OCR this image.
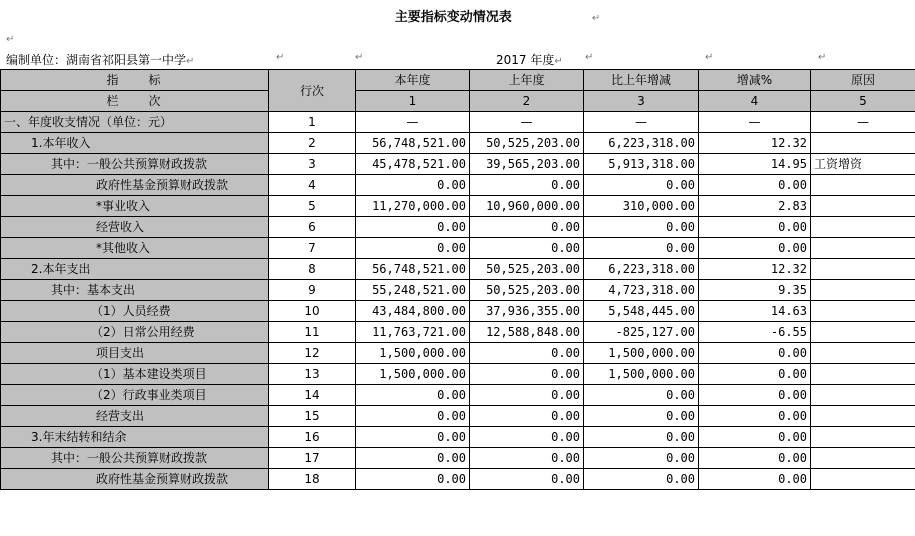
主要指标变动情况表	↵
↵
编制单位：湖南省祁阳县第一中学↵	↵	↵	2017 年度↵ ↵	↵	↵
指　　标	行次	本年度	上年度	比上年增减	增减%	原因

栏　　次		1	2	3	4	5
一、年度收支情况（单位：元）	1	—	—	—	—	—
1.本年收入	2	56,748,521.00	50,525,203.00	6,223,318.00	12.32	
其中：一般公共预算财政拨款	3	45,478,521.00	39,565,203.00	5,913,318.00	14.95	工资增资
政府性基金预算财政拨款	4	0.00	0.00	0.00	0.00	
*事业收入	5	11,270,000.00	10,960,000.00	310,000.00	2.83	
经营收入	6	0.00	0.00	0.00	0.00	
*其他收入	7	0.00	0.00	0.00	0.00	
2.本年支出	8	56,748,521.00	50,525,203.00	6,223,318.00	12.32	
其中：基本支出	9	55,248,521.00	50,525,203.00	4,723,318.00	9.35	
（1）人员经费	10	43,484,800.00	37,936,355.00	5,548,445.00	14.63	
（2）日常公用经费	11	11,763,721.00	12,588,848.00	-825,127.00	-6.55	
项目支出	12	1,500,000.00	0.00	1,500,000.00	0.00	
（1）基本建设类项目	13	1,500,000.00	0.00	1,500,000.00	0.00	
（2）行政事业类项目	14	0.00	0.00	0.00	0.00	
经营支出	15	0.00	0.00	0.00	0.00	
3.年末结转和结余	16	0.00	0.00	0.00	0.00	
其中：一般公共预算财政拨款	17	0.00	0.00	0.00	0.00	
政府性基金预算财政拨款	18	0.00	0.00	0.00	0.00	
